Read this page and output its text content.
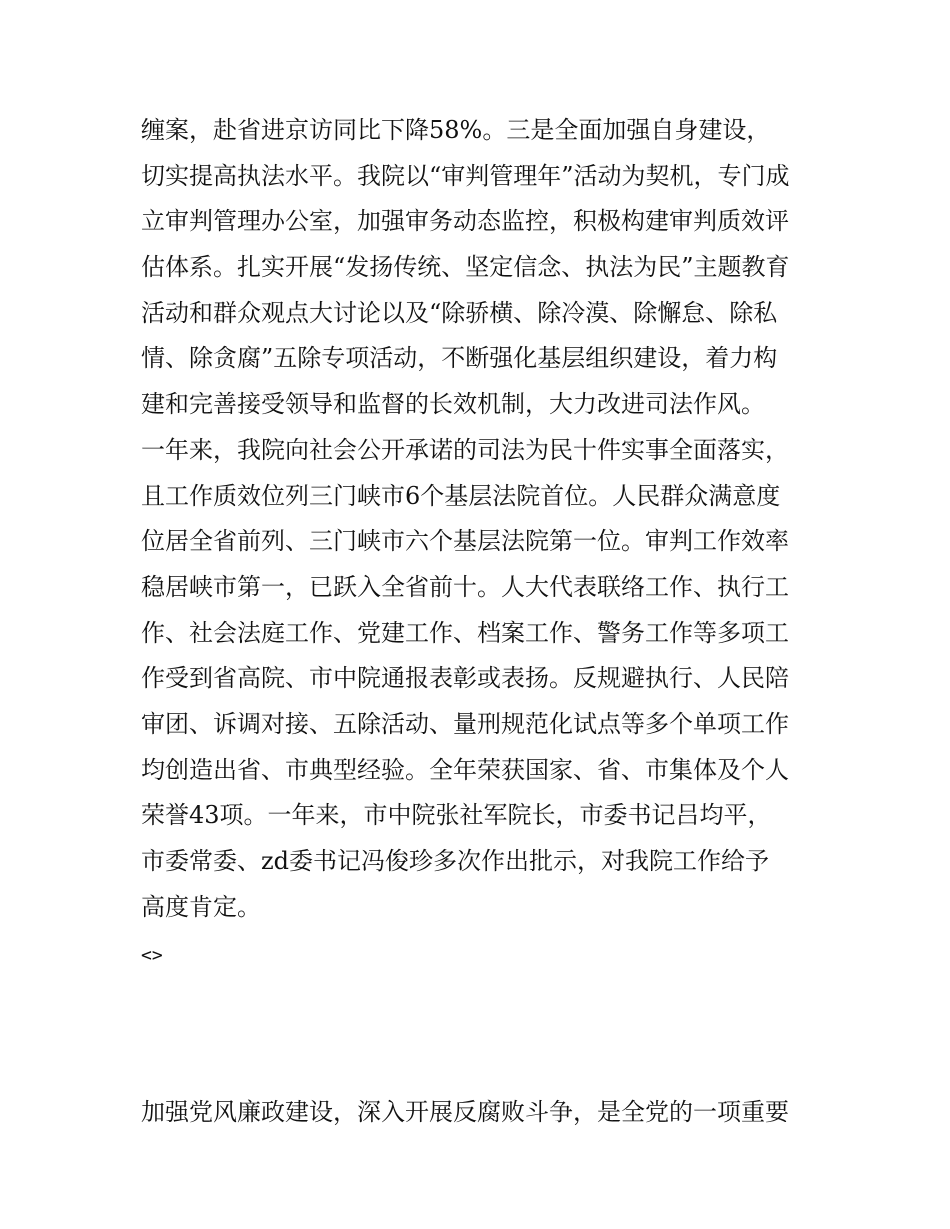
缠案，赴省进京访同比下降58%。三是全面加强自身建设，
切实提高执法水平。我院以“审判管理年”活动为契机，专门成
立审判管理办公室，加强审务动态监控，积极构建审判质效评
估体系。扎实开展“发扬传统、坚定信念、执法为民”主题教育
活动和群众观点大讨论以及“除骄横、除冷漠、除懈怠、除私
情、除贪腐”五除专项活动，不断强化基层组织建设，着力构
建和完善接受领导和监督的长效机制，大力改进司法作风。
一年来，我院向社会公开承诺的司法为民十件实事全面落实，
且工作质效位列三门峡市6个基层法院首位。人民群众满意度
位居全省前列、三门峡市六个基层法院第一位。审判工作效率
稳居峡市第一，已跃入全省前十。人大代表联络工作、执行工
作、社会法庭工作、党建工作、档案工作、警务工作等多项工
作受到省高院、市中院通报表彰或表扬。反规避执行、人民陪
审团、诉调对接、五除活动、量刑规范化试点等多个单项工作
均创造出省、市典型经验。全年荣获国家、省、市集体及个人
荣誉43项。一年来，市中院张社军院长，市委书记吕均平，
市委常委、zd委书记冯俊珍多次作出批示，对我院工作给予
高度肯定。
<>
加强党风廉政建设，深入开展反腐败斗争，是全党的一项重要
